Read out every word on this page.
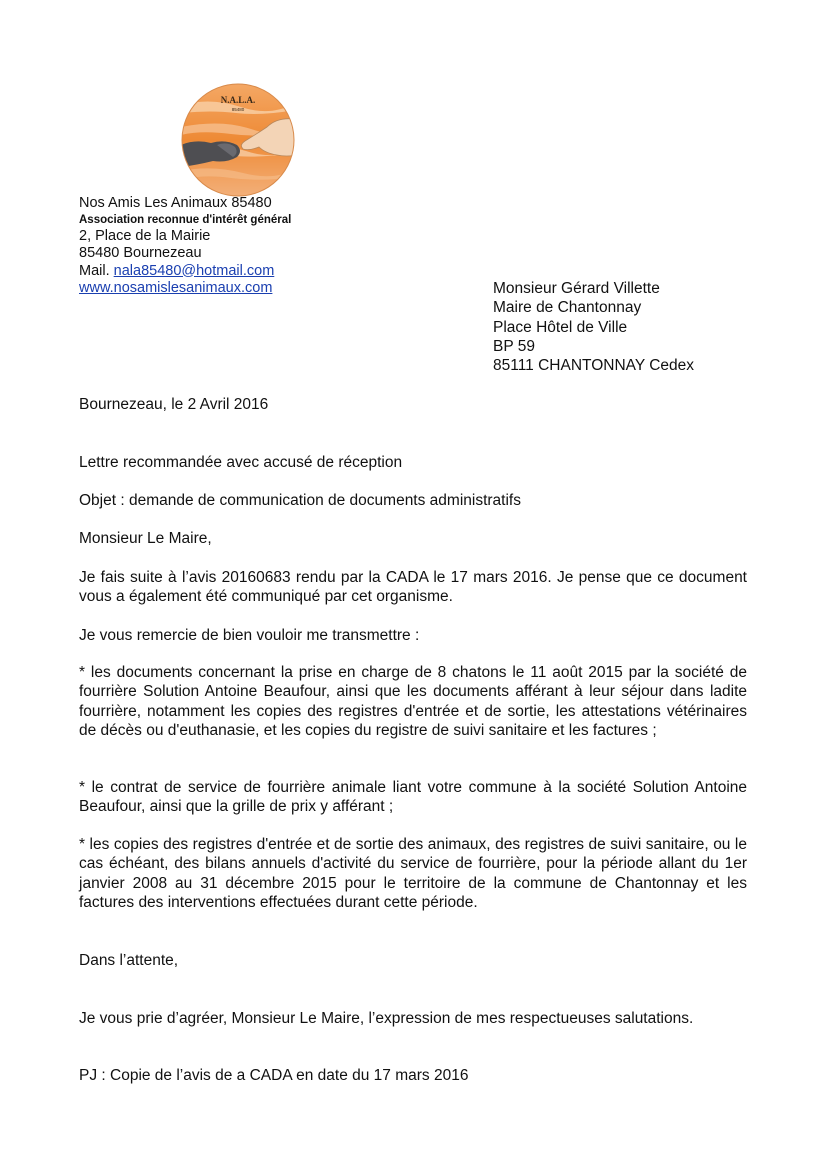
N.A.L.A.
85480
Nos Amis Les Animaux 85480
Association reconnue d'intérêt général
2, Place de la Mairie
85480 Bournezeau
Mail. nala85480@hotmail.com
www.nosamislesanimaux.com	Monsieur Gérard Villette
Maire de Chantonnay
Place Hôtel de Ville
BP 59
85111 CHANTONNAY Cedex

Bournezeau, le 2 Avril 2016

Lettre recommandée avec accusé de réception

Objet : demande de communication de documents administratifs

Monsieur Le Maire,

Je fais suite à l’avis 20160683 rendu par la CADA le 17 mars 2016. Je pense que ce document vous a également été communiqué par cet organisme.

Je vous remercie de bien vouloir me transmettre :

* les documents concernant la prise en charge de 8 chatons le 11 août 2015 par la société de fourrière Solution Antoine Beaufour, ainsi que les documents afférant à leur séjour dans ladite fourrière, notamment les copies des registres d'entrée et de sortie, les attestations vétérinaires de décès ou d'euthanasie, et les copies du registre de suivi sanitaire et les factures ;

* le contrat de service de fourrière animale liant votre commune à la société Solution Antoine Beaufour, ainsi que la grille de prix y afférant ;

* les copies des registres d'entrée et de sortie des animaux, des registres de suivi sanitaire, ou le cas échéant, des bilans annuels d'activité du service de fourrière, pour la période allant du 1er janvier 2008 au 31 décembre 2015 pour le territoire de la commune de Chantonnay et les factures des interventions effectuées durant cette période.

Dans l’attente,

Je vous prie d’agréer, Monsieur Le Maire, l’expression de mes respectueuses salutations.

PJ : Copie de l’avis de a CADA en date du 17 mars 2016
